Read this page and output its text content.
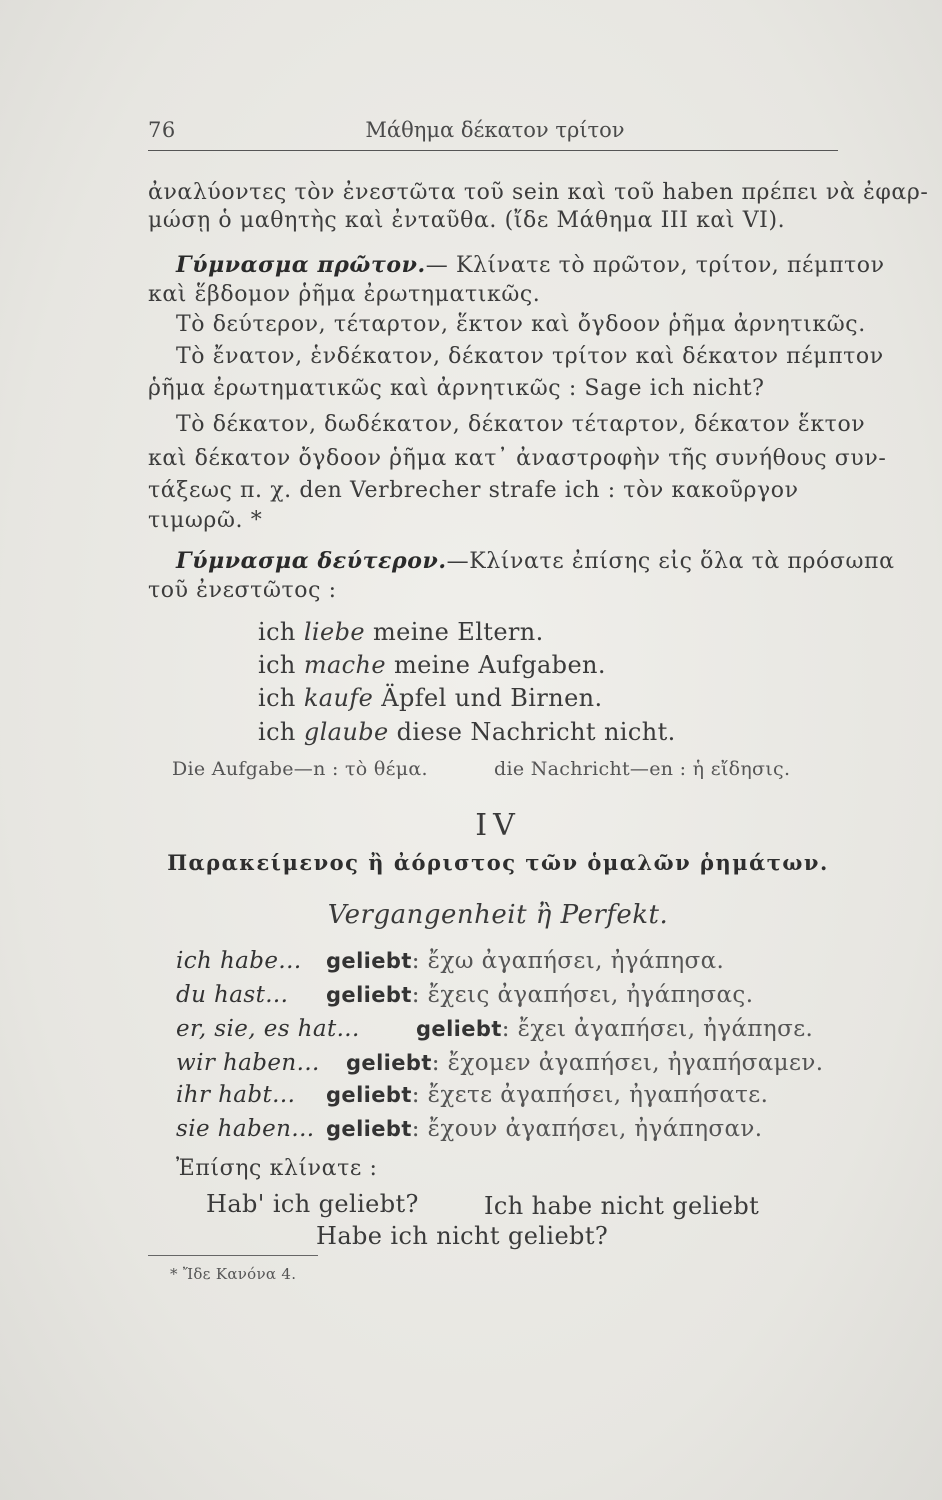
76	Μάθημα δέκατον τρίτον
ἀναλύοντες τὸν ἐνεστῶτα τοῦ sein καὶ τοῦ haben πρέπει νὰ ἐφαρ-
μώσῃ ὁ μαθητὴς καὶ ἐνταῦθα. (ἴδε Μάθημα III καὶ VI).
Γύμνασμα πρῶτον.— Κλίνατε τὸ πρῶτον, τρίτον, πέμπτον
καὶ ἕβδομον ῥῆμα ἐρωτηματικῶς.
Τὸ δεύτερον, τέταρτον, ἕκτον καὶ ὄγδοον ῥῆμα ἀρνητικῶς.
Τὸ ἔνατον, ἑνδέκατον, δέκατον τρίτον καὶ δέκατον πέμπτον
ῥῆμα ἐρωτηματικῶς καὶ ἀρνητικῶς : Sage ich nicht?
Τὸ δέκατον, δωδέκατον, δέκατον τέταρτον, δέκατον ἕκτον
καὶ δέκατον ὄγδοον ῥῆμα κατ᾽ ἀναστροφὴν τῆς συνήθους συν-
τάξεως π. χ. den Verbrecher strafe ich : τὸν κακοῦργον
τιμωρῶ. *
Γύμνασμα δεύτερον.—Κλίνατε ἐπίσης εἰς ὅλα τὰ πρόσωπα
τοῦ ἐνεστῶτος :
ich liebe meine Eltern.
ich mache meine Aufgaben.
ich kaufe Äpfel und Birnen.
ich glaube diese Nachricht nicht.
Die Aufgabe—n : τὸ θέμα.	die Nachricht—en : ἡ εἴδησις.
IV
Παρακείμενος ἢ ἀόριστος τῶν ὁμαλῶν ῥημάτων.
Vergangenheit ἢ Perfekt.
ich habe... geliebt: ἔχω ἀγαπήσει, ἠγάπησα.
du hast... geliebt: ἔχεις ἀγαπήσει, ἠγάπησας.
er, sie, es hat...	geliebt: ἔχει ἀγαπήσει, ἠγάπησε.
wir haben... geliebt: ἔχομεν ἀγαπήσει, ἠγαπήσαμεν.
ihr habt... geliebt: ἔχετε ἀγαπήσει, ἠγαπήσατε.
sie haben... geliebt: ἔχουν ἀγαπήσει, ἠγάπησαν.
Ἐπίσης κλίνατε :
Hab' ich geliebt?	Ich habe nicht geliebt
Habe ich nicht geliebt?
* Ἴδε Κανόνα 4.
